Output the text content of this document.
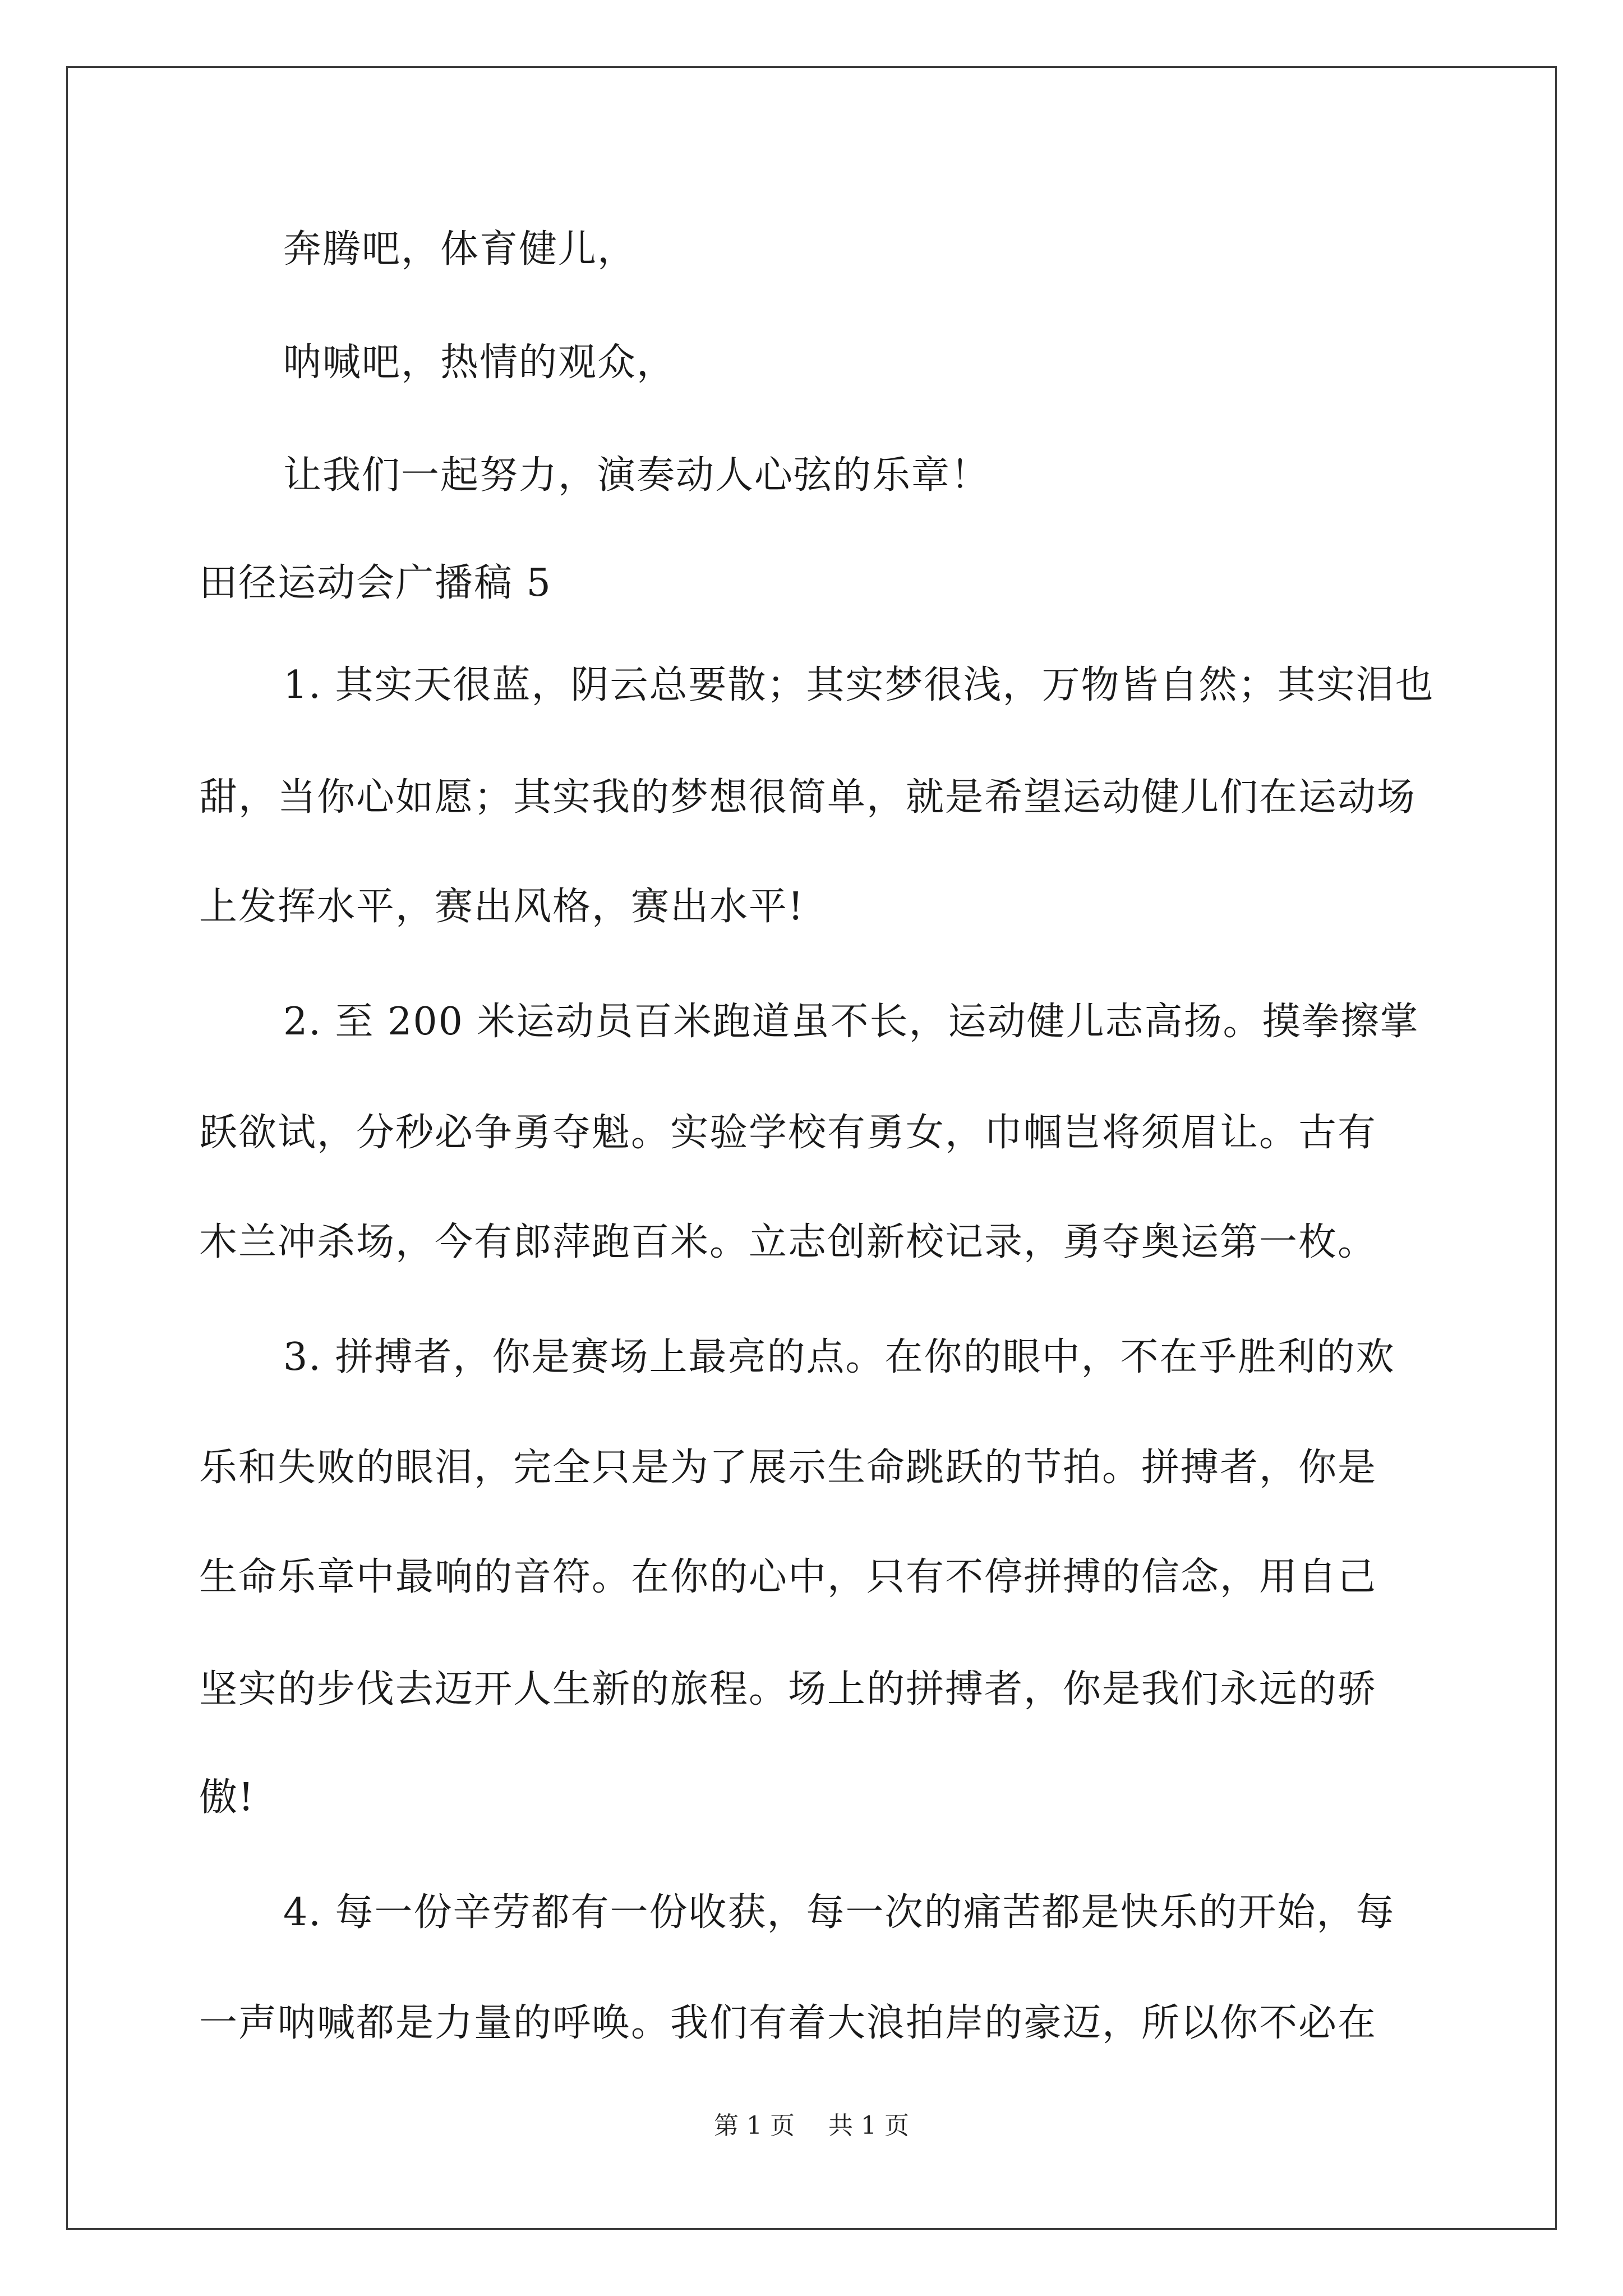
奔腾吧，体育健儿，
呐喊吧，热情的观众，
让我们一起努力，演奏动人心弦的乐章！
田径运动会广播稿 5
1. 其实天很蓝，阴云总要散；其实梦很浅，万物皆自然；其实泪也
甜，当你心如愿；其实我的梦想很简单，就是希望运动健儿们在运动场
上发挥水平，赛出风格，赛出水平!
2. 至 200 米运动员百米跑道虽不长，运动健儿志高扬。摸拳擦掌
跃欲试，分秒必争勇夺魁。实验学校有勇女，巾帼岂将须眉让。古有
木兰冲杀场，今有郎萍跑百米。立志创新校记录，勇夺奥运第一枚。
3. 拼搏者，你是赛场上最亮的点。在你的眼中，不在乎胜利的欢
乐和失败的眼泪，完全只是为了展示生命跳跃的节拍。拼搏者，你是
生命乐章中最响的音符。在你的心中，只有不停拼搏的信念，用自己
坚实的步伐去迈开人生新的旅程。场上的拼搏者，你是我们永远的骄
傲!
4. 每一份辛劳都有一份收获，每一次的痛苦都是快乐的开始，每
一声呐喊都是力量的呼唤。我们有着大浪拍岸的豪迈，所以你不必在
第 1 页 共 1 页
